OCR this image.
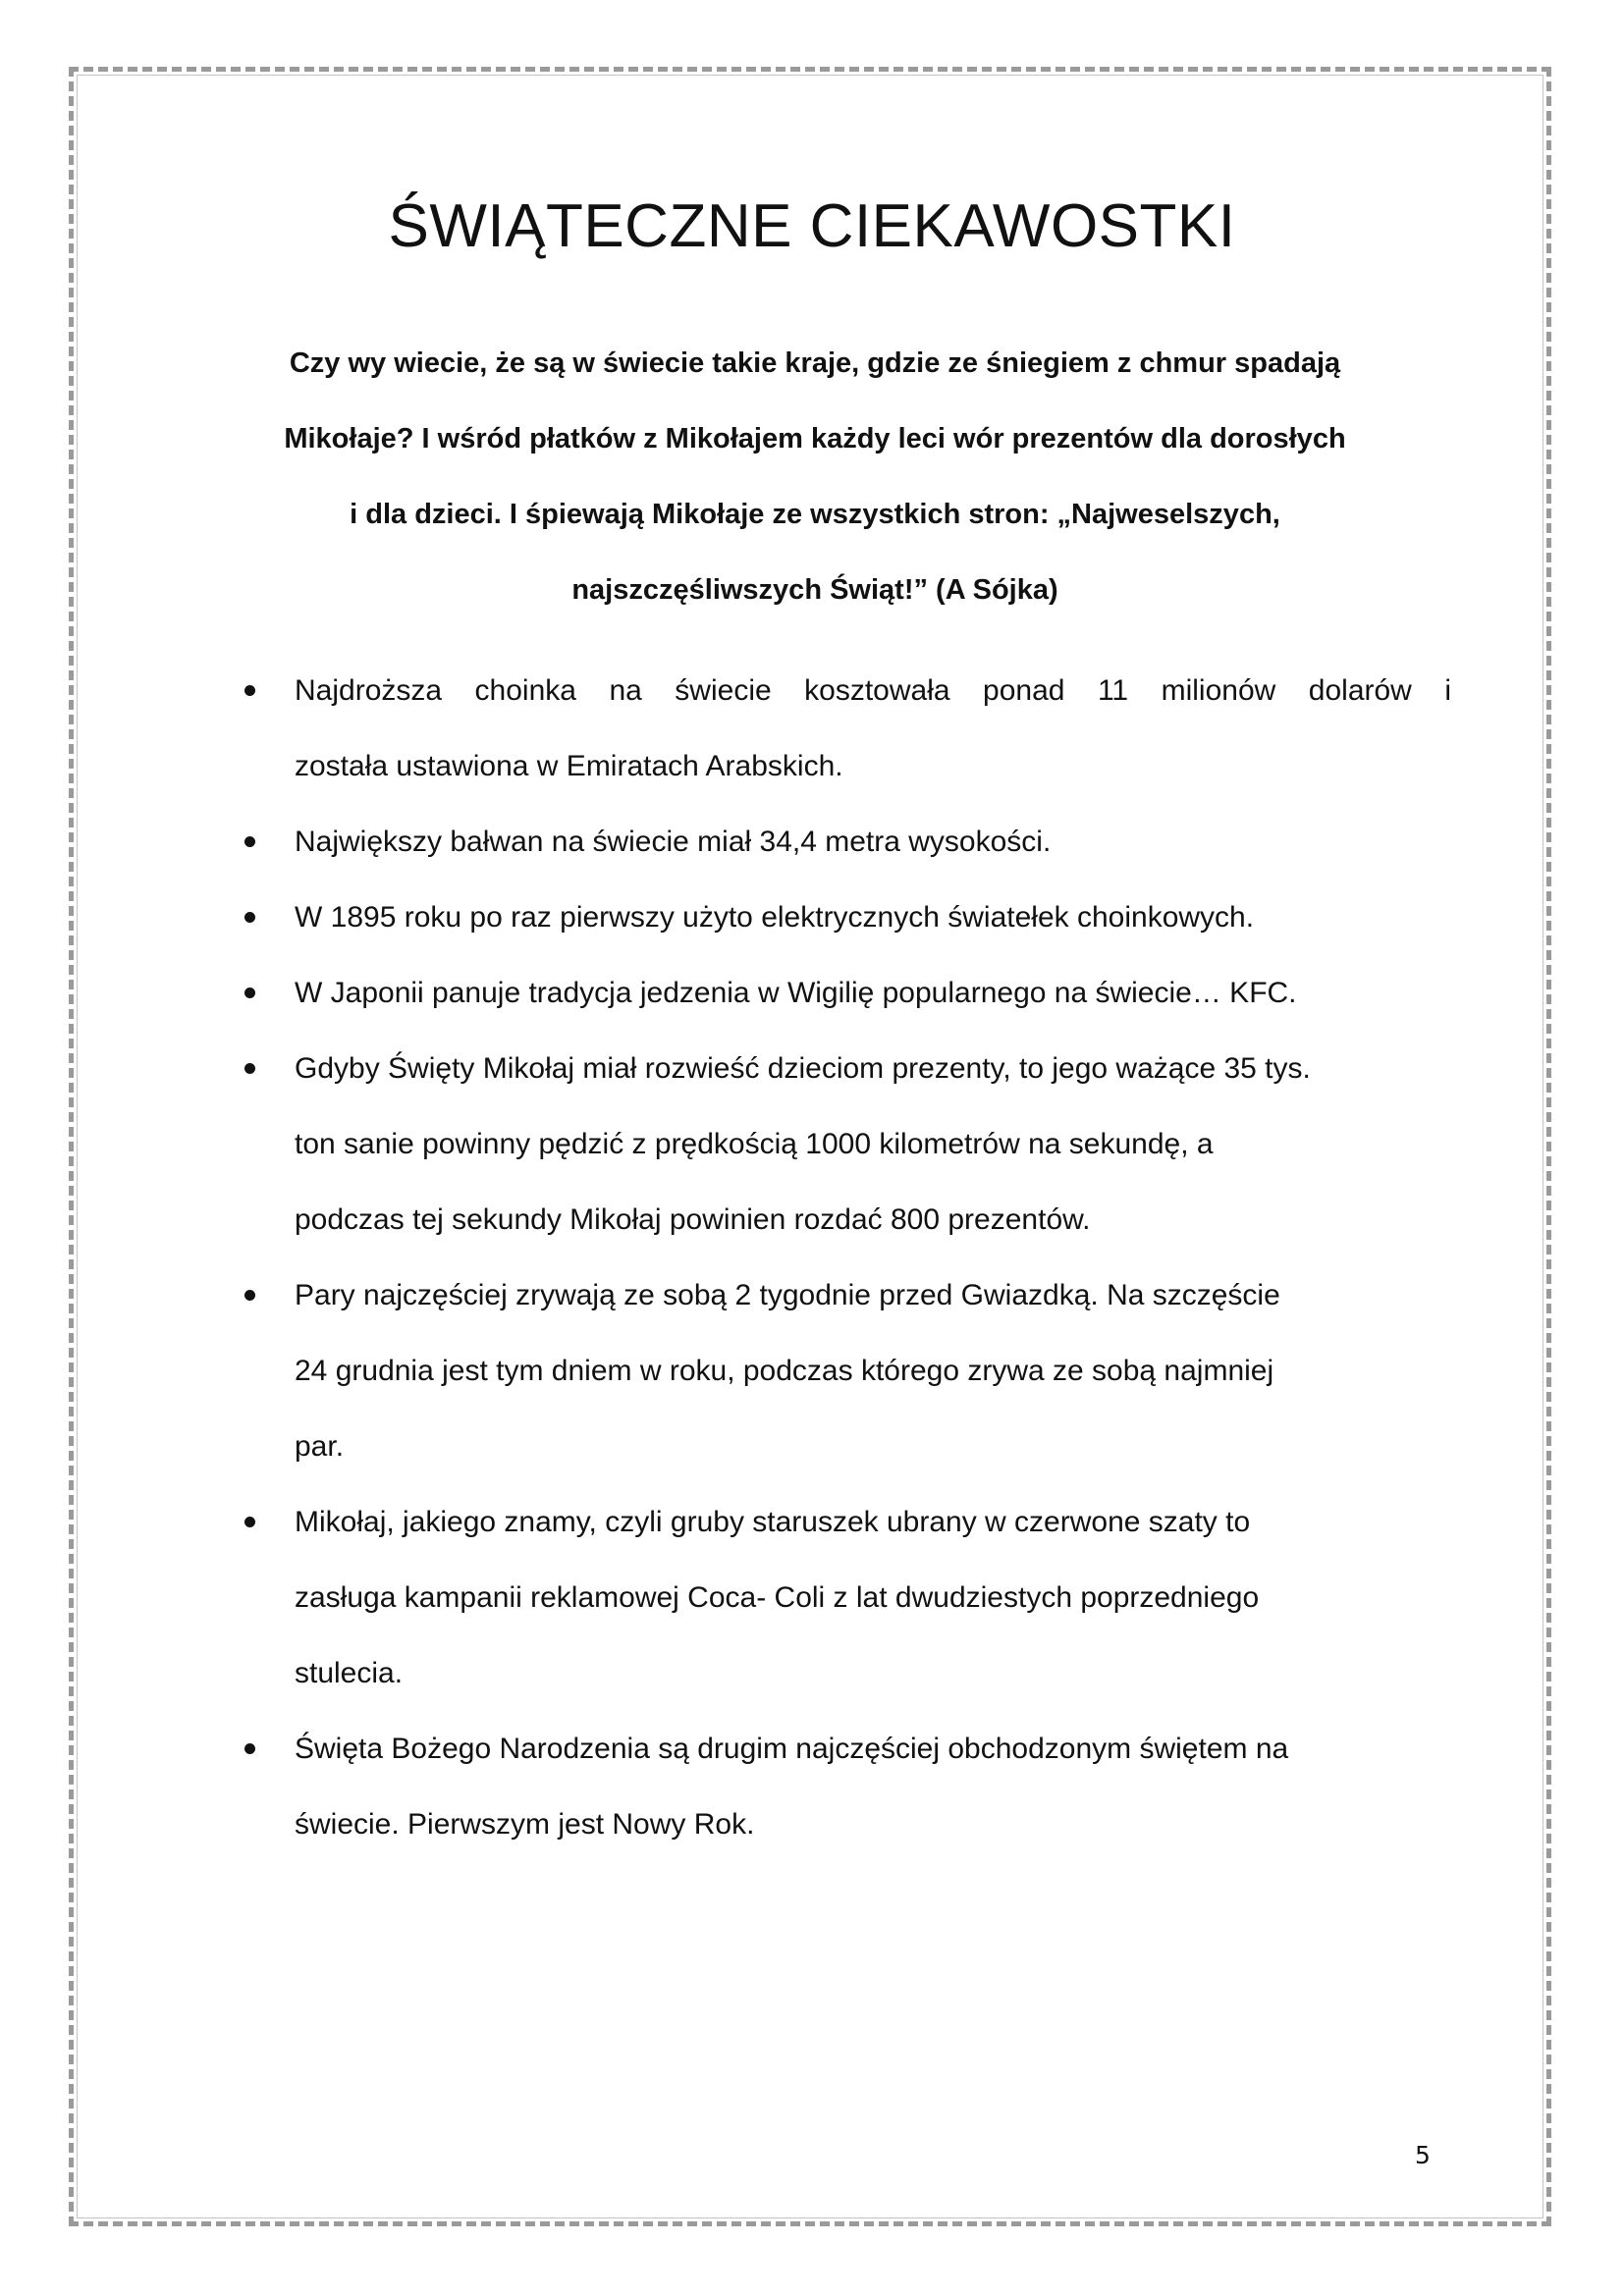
ŚWIĄTECZNE CIEKAWOSTKI
Czy wy wiecie, że są w świecie takie kraje, gdzie ze śniegiem z chmur spadają
Mikołaje? I wśród płatków z Mikołajem każdy leci wór prezentów dla dorosłych
i dla dzieci. I śpiewają Mikołaje ze wszystkich stron: „Najweselszych,
najszczęśliwszych Świąt!” (A Sójka)
Najdroższa choinka na świecie kosztowała ponad 11 milionów dolarów i
została ustawiona w Emiratach Arabskich.
Największy bałwan na świecie miał 34,4 metra wysokości.
W 1895 roku po raz pierwszy użyto elektrycznych światełek choinkowych.
W Japonii panuje tradycja jedzenia w Wigilię popularnego na świecie… KFC.
Gdyby Święty Mikołaj miał rozwieść dzieciom prezenty, to jego ważące 35 tys.
ton sanie powinny pędzić z prędkością 1000 kilometrów na sekundę, a
podczas tej sekundy Mikołaj powinien rozdać 800 prezentów.
Pary najczęściej zrywają ze sobą 2 tygodnie przed Gwiazdką. Na szczęście
24 grudnia jest tym dniem w roku, podczas którego zrywa ze sobą najmniej
par.
Mikołaj, jakiego znamy, czyli gruby staruszek ubrany w czerwone szaty to
zasługa kampanii reklamowej Coca- Coli z lat dwudziestych poprzedniego
stulecia.
Święta Bożego Narodzenia są drugim najczęściej obchodzonym świętem na
świecie. Pierwszym jest Nowy Rok.
5
